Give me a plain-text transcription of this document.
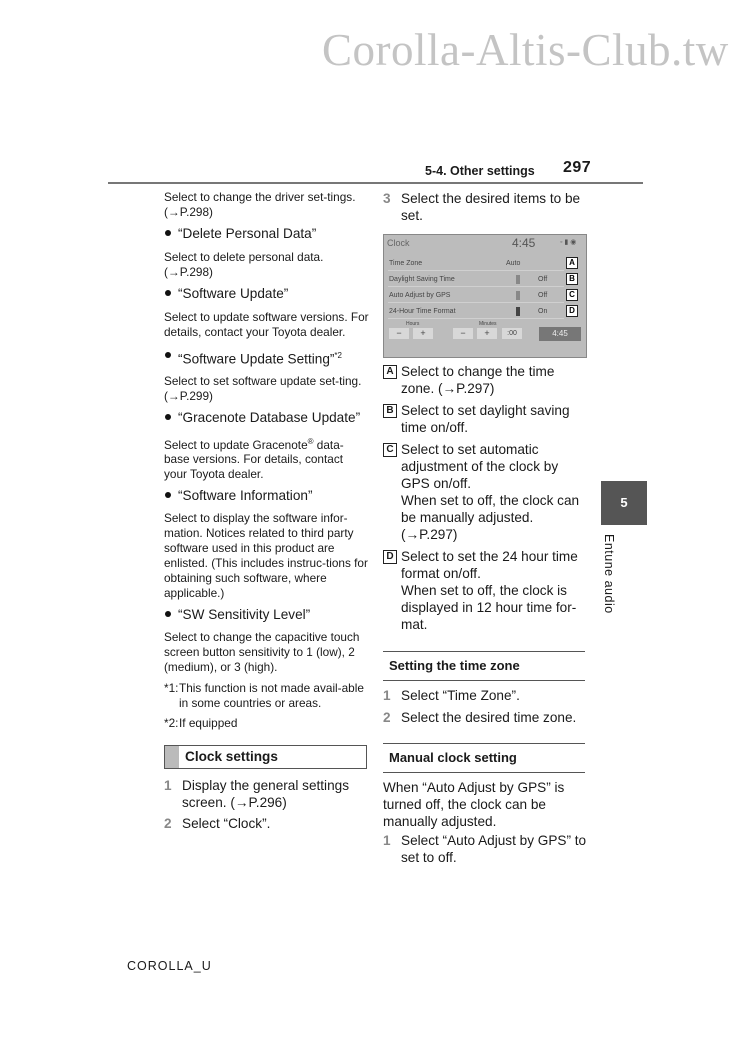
Corolla-Altis-Club.tw
5-4. Other settings 297

Select to change the driver set-tings. (→P.298)

“Delete Personal Data”

Select to delete personal data. (→P.298)

“Software Update”

Select to update software versions. For details, contact your Toyota dealer.

“Software Update Setting”$^{*2}$

Select to set software update set-ting. (→P.299)

“Gracenote Database Update”

Select to update Gracenote® data-base versions. For details, contact your Toyota dealer.

“Software Information”

Select to display the software infor-mation. Notices related to third party software used in this product are enlisted. (This includes instruc-tions for obtaining such software, where applicable.)

“SW Sensitivity Level”

Select to change the capacitive touch screen button sensitivity to 1 (low), 2 (medium), or 3 (high).

*1: This function is not made avail-able in some countries or areas.
*2: If equipped
Clock settings
1 Display the general settings screen. (→P.296)
2 Select “Clock”.
3 Select the desired items to be set.
Clock	4:45	◦ ▮ ◉
Time Zone	Auto	A
Daylight Saving Time	Off	B
Auto Adjust by GPS	Off	C
24-Hour Time Format	On	D
Hours	Minutes
−	+	−	+	:00	4:45
A Select to change the time zone. (→P.297)
B Select to set daylight saving time on/off.
C Select to set automatic adjustment of the clock by GPS on/off.
When set to off, the clock can be manually adjusted. (→P.297)
D Select to set the 24 hour time format on/off.
When set to off, the clock is displayed in 12 hour time for-mat.
Setting the time zone
1 Select “Time Zone”.
2 Select the desired time zone.
Manual clock setting

When “Auto Adjust by GPS” is turned off, the clock can be manually adjusted.

1 Select “Auto Adjust by GPS” to set to off.
5
Entune audio
COROLLA_U
